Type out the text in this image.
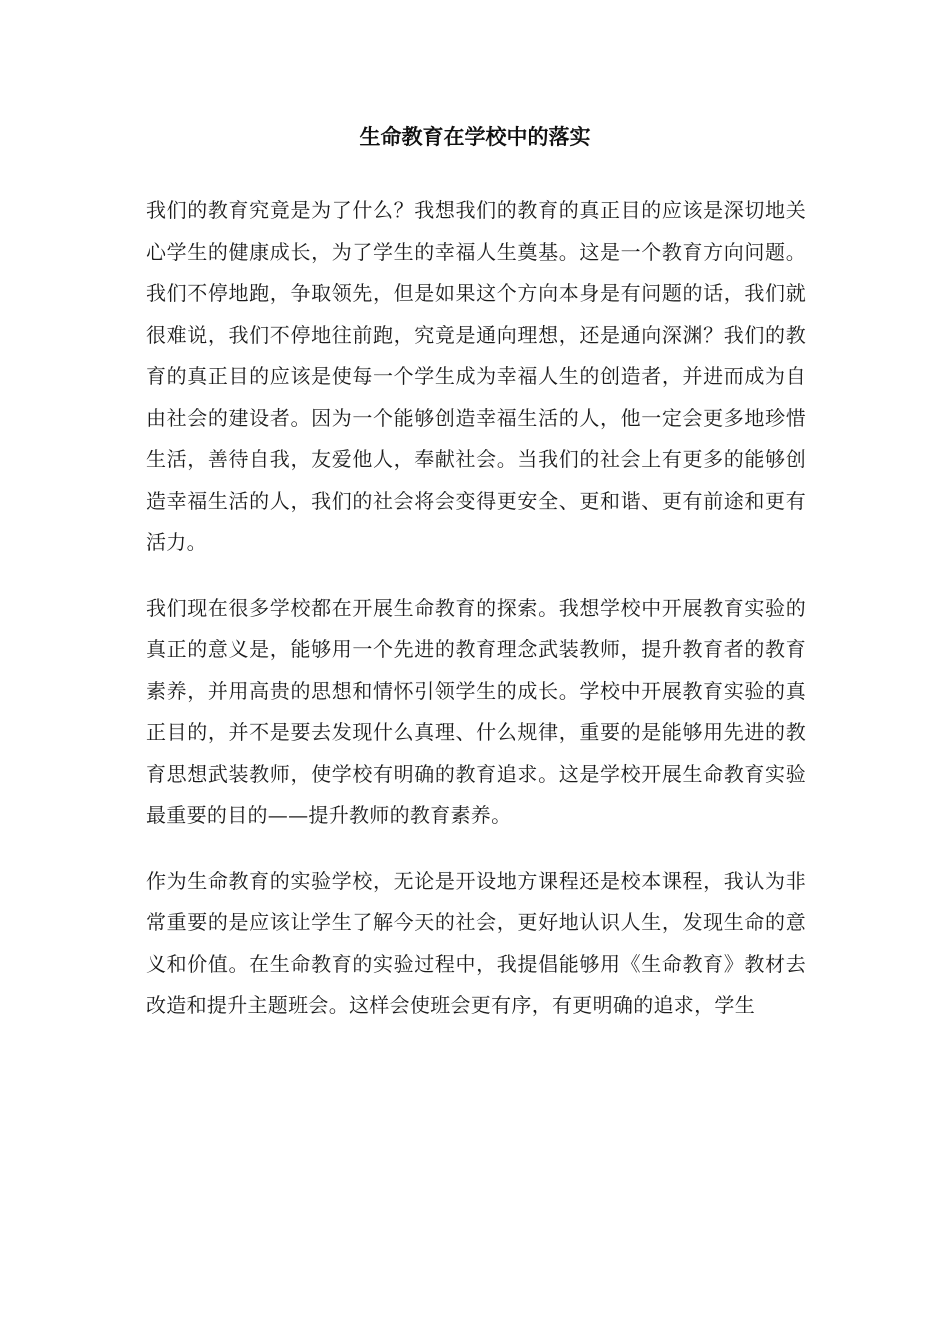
生命教育在学校中的落实

我们的教育究竟是为了什么？我想我们的教育的真正目的应该是深切地关心学生的健康成长，为了学生的幸福人生奠基。这是一个教育方向问题。我们不停地跑，争取领先，但是如果这个方向本身是有问题的话，我们就很难说，我们不停地往前跑，究竟是通向理想，还是通向深渊？我们的教育的真正目的应该是使每一个学生成为幸福人生的创造者，并进而成为自由社会的建设者。因为一个能够创造幸福生活的人，他一定会更多地珍惜生活，善待自我，友爱他人，奉献社会。当我们的社会上有更多的能够创造幸福生活的人，我们的社会将会变得更安全、更和谐、更有前途和更有活力。

我们现在很多学校都在开展生命教育的探索。我想学校中开展教育实验的真正的意义是，能够用一个先进的教育理念武装教师，提升教育者的教育素养，并用高贵的思想和情怀引领学生的成长。学校中开展教育实验的真正目的，并不是要去发现什么真理、什么规律，重要的是能够用先进的教育思想武装教师，使学校有明确的教育追求。这是学校开展生命教育实验最重要的目的——提升教师的教育素养。

作为生命教育的实验学校，无论是开设地方课程还是校本课程，我认为非常重要的是应该让学生了解今天的社会，更好地认识人生，发现生命的意义和价值。在生命教育的实验过程中，我提倡能够用《生命教育》教材去改造和提升主题班会。这样会使班会更有序，有更明确的追求，学生
